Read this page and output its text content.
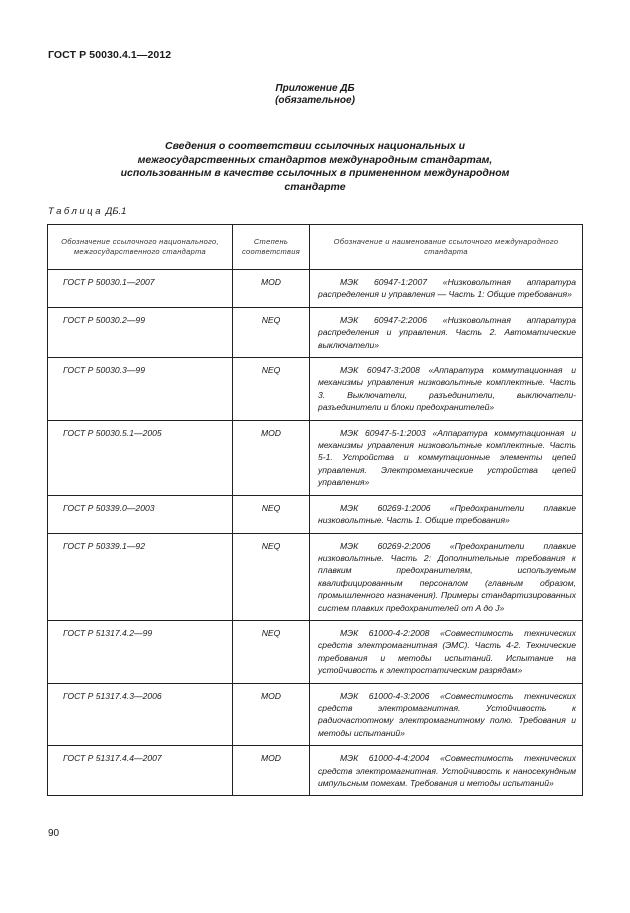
ГОСТ Р 50030.4.1—2012
Приложение ДБ
(обязательное)
Сведения о соответствии ссылочных национальных и межгосударственных стандартов международным стандартам, использованным в качестве ссылочных в примененном международном стандарте
Таблица ДБ.1
Обозначение ссылочного национального, межгосударственного стандарта	Степень соответствия	Обозначение и наименование ссылочного международного стандарта
ГОСТ Р 50030.1—2007	MOD	МЭК 60947-1:2007 «Низковольтная аппаратура распределения и управления — Часть 1: Общие требования»
ГОСТ Р 50030.2—99	NEQ	МЭК 60947-2:2006 «Низковольтная аппаратура распределения и управления. Часть 2. Автоматические выключатели»
ГОСТ Р 50030.3—99	NEQ	МЭК 60947-3:2008 «Аппаратура коммутационная и механизмы управления низковольтные комплектные. Часть 3. Выключатели, разъединители, выключатели-разъединители и блоки предохранителей»
ГОСТ Р 50030.5.1—2005	MOD	МЭК 60947-5-1:2003 «Аппаратура коммутационная и механизмы управления низковольтные комплектные. Часть 5-1. Устройства и коммутационные элементы цепей управления. Электромеханические устройства цепей управления»
ГОСТ Р 50339.0—2003	NEQ	МЭК 60269-1:2006 «Предохранители плавкие низковольтные. Часть 1. Общие требования»
ГОСТ Р 50339.1—92	NEQ	МЭК 60269-2:2006 «Предохранители плавкие низковольтные. Часть 2: Дополнительные требования к плавким предохранителям, используемым квалифицированным персоналом (главным образом, промышленного назначения). Примеры стандартизированных систем плавких предохранителей от A до J»
ГОСТ Р 51317.4.2—99	NEQ	МЭК 61000-4-2:2008 «Совместимость технических средств электромагнитная (ЭМС). Часть 4-2. Технические требования и методы испытаний. Испытание на устойчивость к электростатическим разрядам»
ГОСТ Р 51317.4.3—2006	MOD	МЭК 61000-4-3:2006 «Совместимость технических средств электромагнитная. Устойчивость к радиочастотному электромагнитному полю. Требования и методы испытаний»
ГОСТ Р 51317.4.4—2007	MOD	МЭК 61000-4-4:2004 «Совместимость технических средств электромагнитная. Устойчивость к наносекундным импульсным помехам. Требования и методы испытаний»
90
